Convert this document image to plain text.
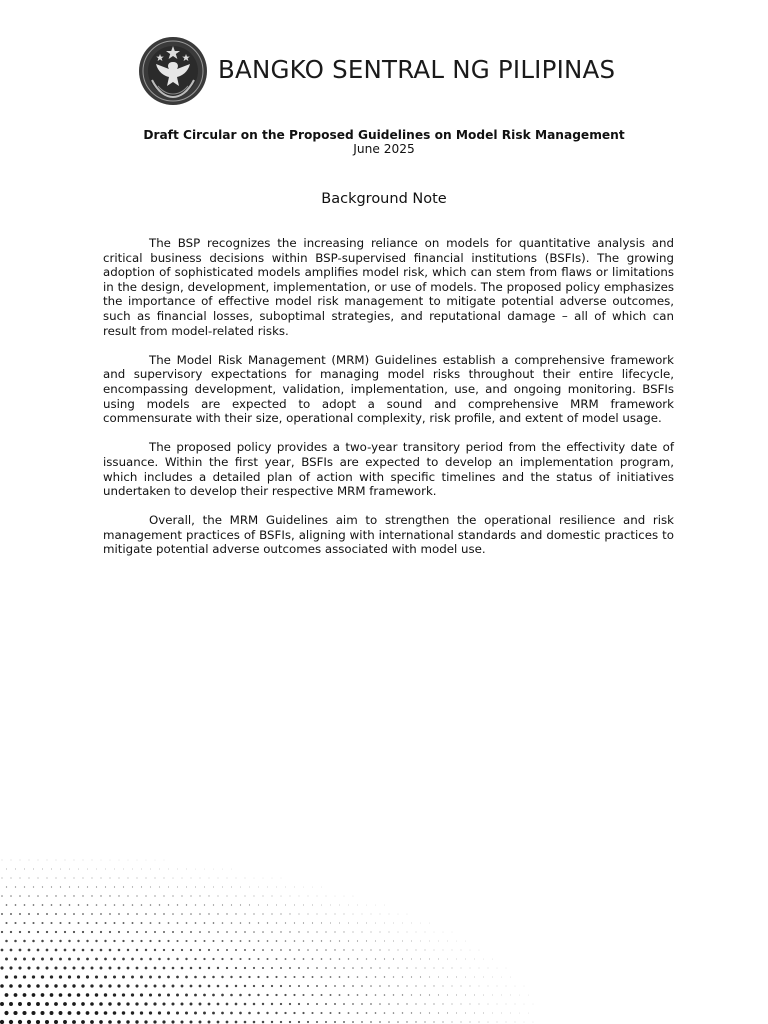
BANGKO SENTRAL NG PILIPINAS
Draft Circular on the Proposed Guidelines on Model Risk Management
June 2025
Background Note

The BSP recognizes the increasing reliance on models for quantitative analysis and critical business decisions within BSP-supervised financial institutions (BSFIs). The growing adoption of sophisticated models amplifies model risk, which can stem from flaws or limitations in the design, development, implementation, or use of models. The proposed policy emphasizes the importance of effective model risk management to mitigate potential adverse outcomes, such as financial losses, suboptimal strategies, and reputational damage – all of which can result from model-related risks.

The Model Risk Management (MRM) Guidelines establish a comprehensive framework and supervisory expectations for managing model risks throughout their entire lifecycle, encompassing development, validation, implementation, use, and ongoing monitoring. BSFIs using models are expected to adopt a sound and comprehensive MRM framework commensurate with their size, operational complexity, risk profile, and extent of model usage.

The proposed policy provides a two-year transitory period from the effectivity date of issuance. Within the first year, BSFIs are expected to develop an implementation program, which includes a detailed plan of action with specific timelines and the status of initiatives undertaken to develop their respective MRM framework.

Overall, the MRM Guidelines aim to strengthen the operational resilience and risk management practices of BSFIs, aligning with international standards and domestic practices to mitigate potential adverse outcomes associated with model use.
